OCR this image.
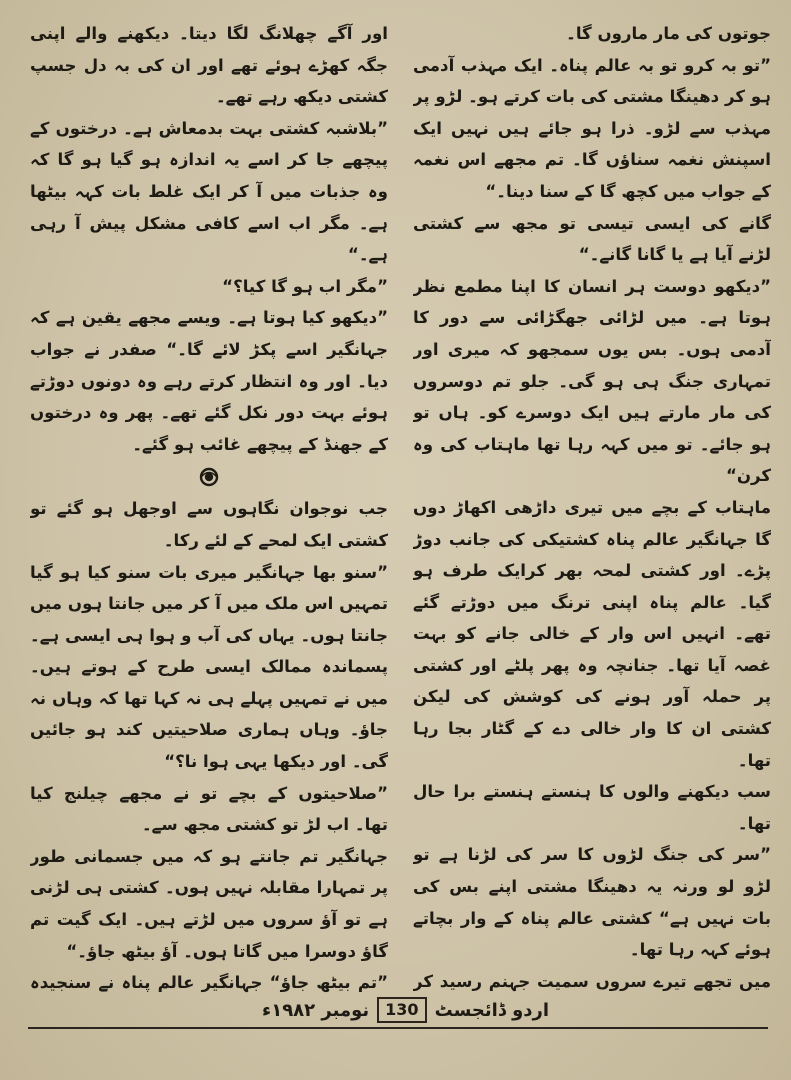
جوتوں کی مار ماروں گا۔

”تو بہ کرو تو بہ عالم پناہ۔ ایک مہذب آدمی ہو کر دھینگا مشتی کی بات کرتے ہو۔ لڑو پر مہذب سے لڑو۔ ذرا ہو جائے ہیں نہیں ایک اسپنش نغمہ سناؤں گا۔ تم مجھے اس نغمہ کے جواب میں کچھ گا کے سنا دینا۔“

گانے کی ایسی تیسی تو مجھ سے کشتی لڑنے آیا ہے یا گانا گانے۔“

”دیکھو دوست ہر انسان کا اپنا مطمع نظر ہوتا ہے۔ میں لڑائی جھگڑائی سے دور کا آدمی ہوں۔ بس یوں سمجھو کہ میری اور تمہاری جنگ ہی ہو گی۔ جلو تم دوسروں کی مار مارتے ہیں ایک دوسرے کو۔ ہاں تو ہو جائے۔ تو میں کہہ رہا تھا ماہتاب کی وہ کرن“

ماہتاب کے بچے میں تیری داڑھی اکھاڑ دوں گا جہانگیر عالم پناہ کشتیکی کی جانب دوڑ پڑے۔ اور کشتی لمحہ بھر کرایک طرف ہو گیا۔ عالم پناہ اپنی ترنگ میں دوڑتے گئے تھے۔ انہیں اس وار کے خالی جانے کو بہت غصہ آیا تھا۔ جنانچہ وہ پھر پلٹے اور کشتی پر حملہ آور ہونے کی کوشش کی لیکن کشتی ان کا وار خالی دے کے گٹار بجا رہا تھا۔

سب دیکھنے والوں کا ہنستے ہنستے برا حال تھا۔

”سر کی جنگ لڑوں کا سر کی لڑنا ہے تو لڑو لو ورنہ یہ دھینگا مشتی اپنے بس کی بات نہیں ہے“ کشتی عالم پناہ کے وار بچاتے ہوئے کہہ رہا تھا۔

میں تجھے تیرے سروں سمیت جہنم رسید کر

اور آگے چھلانگ لگا دیتا۔ دیکھنے والے اپنی جگہ کھڑے ہوئے تھے اور ان کی بہ دل جسپ کشتی دیکھ رہے تھے۔

”بلاشبہ کشتی بہت بدمعاش ہے۔ درختوں کے پیچھے جا کر اسے یہ اندازہ ہو گیا ہو گا کہ وہ جذبات میں آ کر ایک غلط بات کہہ بیٹھا ہے۔ مگر اب اسے کافی مشکل پیش آ رہی ہے۔“

”مگر اب ہو گا کیا؟“

”دیکھو کیا ہوتا ہے۔ ویسے مجھے یقین ہے کہ جہانگیر اسے پکڑ لائے گا۔“ صفدر نے جواب دیا۔ اور وہ انتظار کرتے رہے وہ دونوں دوڑتے ہوئے بہت دور نکل گئے تھے۔ پھر وہ درختوں کے جھنڈ کے پیچھے غائب ہو گئے۔

جب نوجوان نگاہوں سے اوجھل ہو گئے تو کشتی ایک لمحے کے لئے رکا۔

”سنو بھا جہانگیر میری بات سنو کیا ہو گیا تمہیں اس ملک میں آ کر میں جانتا ہوں میں جانتا ہوں۔ یہاں کی آب و ہوا ہی ایسی ہے۔ پسماندہ ممالک ایسی طرح کے ہوتے ہیں۔ میں نے تمہیں پہلے ہی نہ کہا تھا کہ وہاں نہ جاؤ۔ وہاں ہماری صلاحیتیں کند ہو جائیں گی۔ اور دیکھا یہی ہوا نا؟“

”صلاحیتوں کے بچے تو نے مجھے چیلنج کیا تھا۔ اب لڑ تو کشتی مجھ سے۔

جہانگیر تم جانتے ہو کہ میں جسمانی طور پر تمہارا مقابلہ نہیں ہوں۔ کشتی ہی لڑنی ہے تو آؤ سروں میں لڑتے ہیں۔ ایک گیت تم گاؤ دوسرا میں گاتا ہوں۔ آؤ بیٹھ جاؤ۔“

”تم بیٹھ جاؤ“ جہانگیر عالم پناہ نے سنجیدہ

اردو ڈائجسٹ
130
نومبر ۱۹۸۲ء
